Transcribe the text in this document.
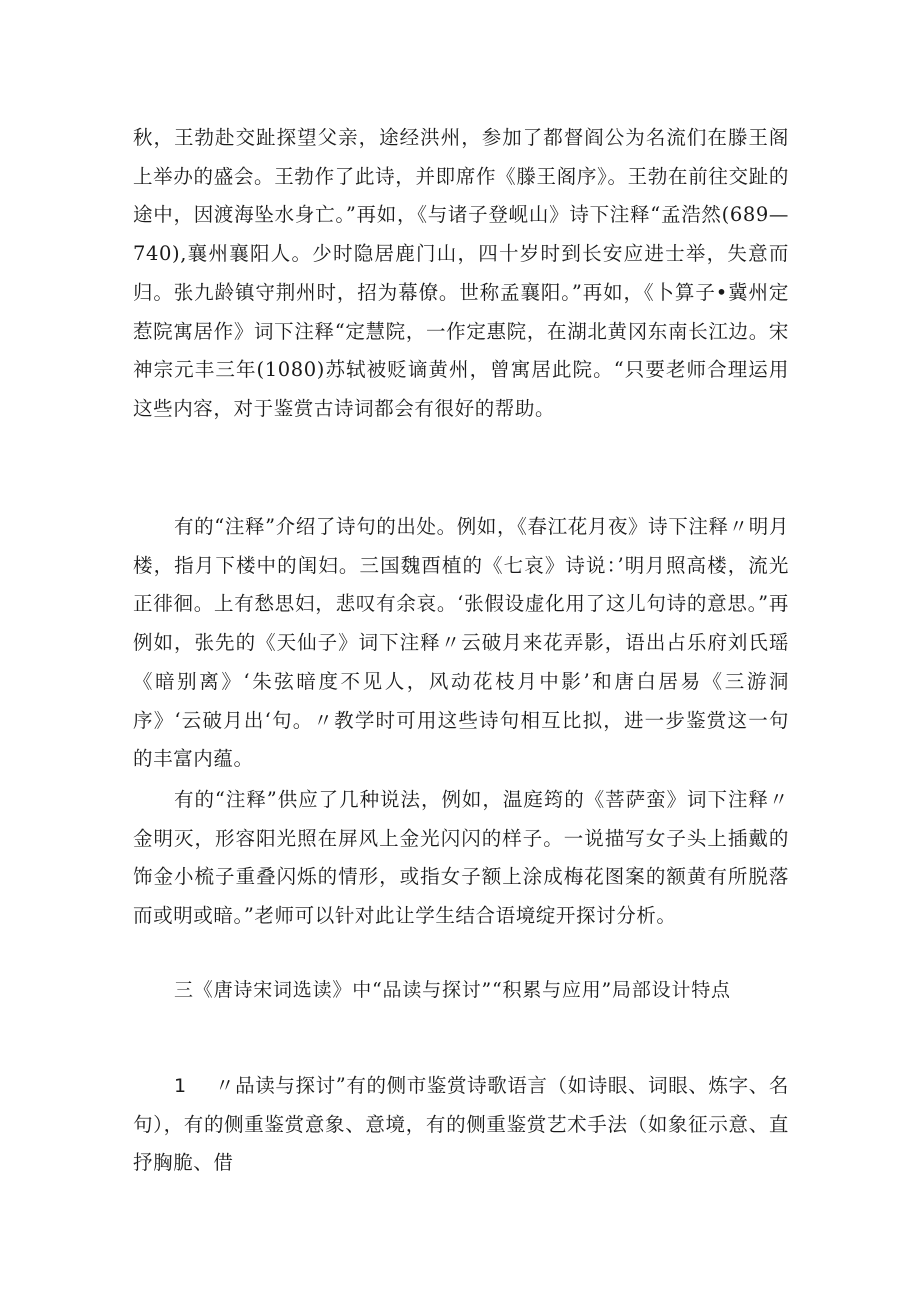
秋，王勃赴交趾探望父亲，途经洪州，参加了都督阎公为名流们在滕王阁上举办的盛会。王勃作了此诗，并即席作《滕王阁序》。王勃在前往交趾的途中，因渡海坠水身亡。”再如，《与诸子登岘山》诗下注释“孟浩然(689—740),襄州襄阳人。少时隐居鹿门山，四十岁时到长安应进士举，失意而归。张九龄镇守荆州时，招为幕僚。世称孟襄阳。”再如，《卜算子•冀州定惹院寓居作》词下注释“定慧院，一作定惠院，在湖北黄冈东南长江边。宋神宗元丰三年(1080)苏轼被贬谪黄州，曾寓居此院。“只要老师合理运用这些内容，对于鉴赏古诗词都会有很好的帮助。

有的“注释”介绍了诗句的出处。例如，《春江花月夜》诗下注释〃明月楼，指月下楼中的闺妇。三国魏酉植的《七哀》诗说：’明月照高楼，流光正徘徊。上有愁思妇，悲叹有余哀。‘张假设虚化用了这儿句诗的意思。”再例如，张先的《天仙子》词下注释〃云破月来花弄影，语出占乐府刘氏瑶《暗别离》‘朱弦暗度不见人，风动花枝月中影’和唐白居易《三游洞序》‘云破月出‘句。〃教学时可用这些诗句相互比拟，进一步鉴赏这一句的丰富内蕴。

有的“注释”供应了几种说法，例如，温庭筠的《菩萨蛮》词下注释〃金明灭，形容阳光照在屏风上金光闪闪的样子。一说描写女子头上插戴的饰金小梳子重叠闪烁的情形，或指女子额上涂成梅花图案的额黄有所脱落而或明或暗。”老师可以针对此让学生结合语境绽开探讨分析。

三《唐诗宋词选读》中“品读与探讨”“积累与应用”局部设计特点

1 〃品读与探讨”有的侧市鉴赏诗歌语言（如诗眼、词眼、炼字、名句），有的侧重鉴赏意象、意境，有的侧重鉴赏艺术手法（如象征示意、直抒胸脆、借
